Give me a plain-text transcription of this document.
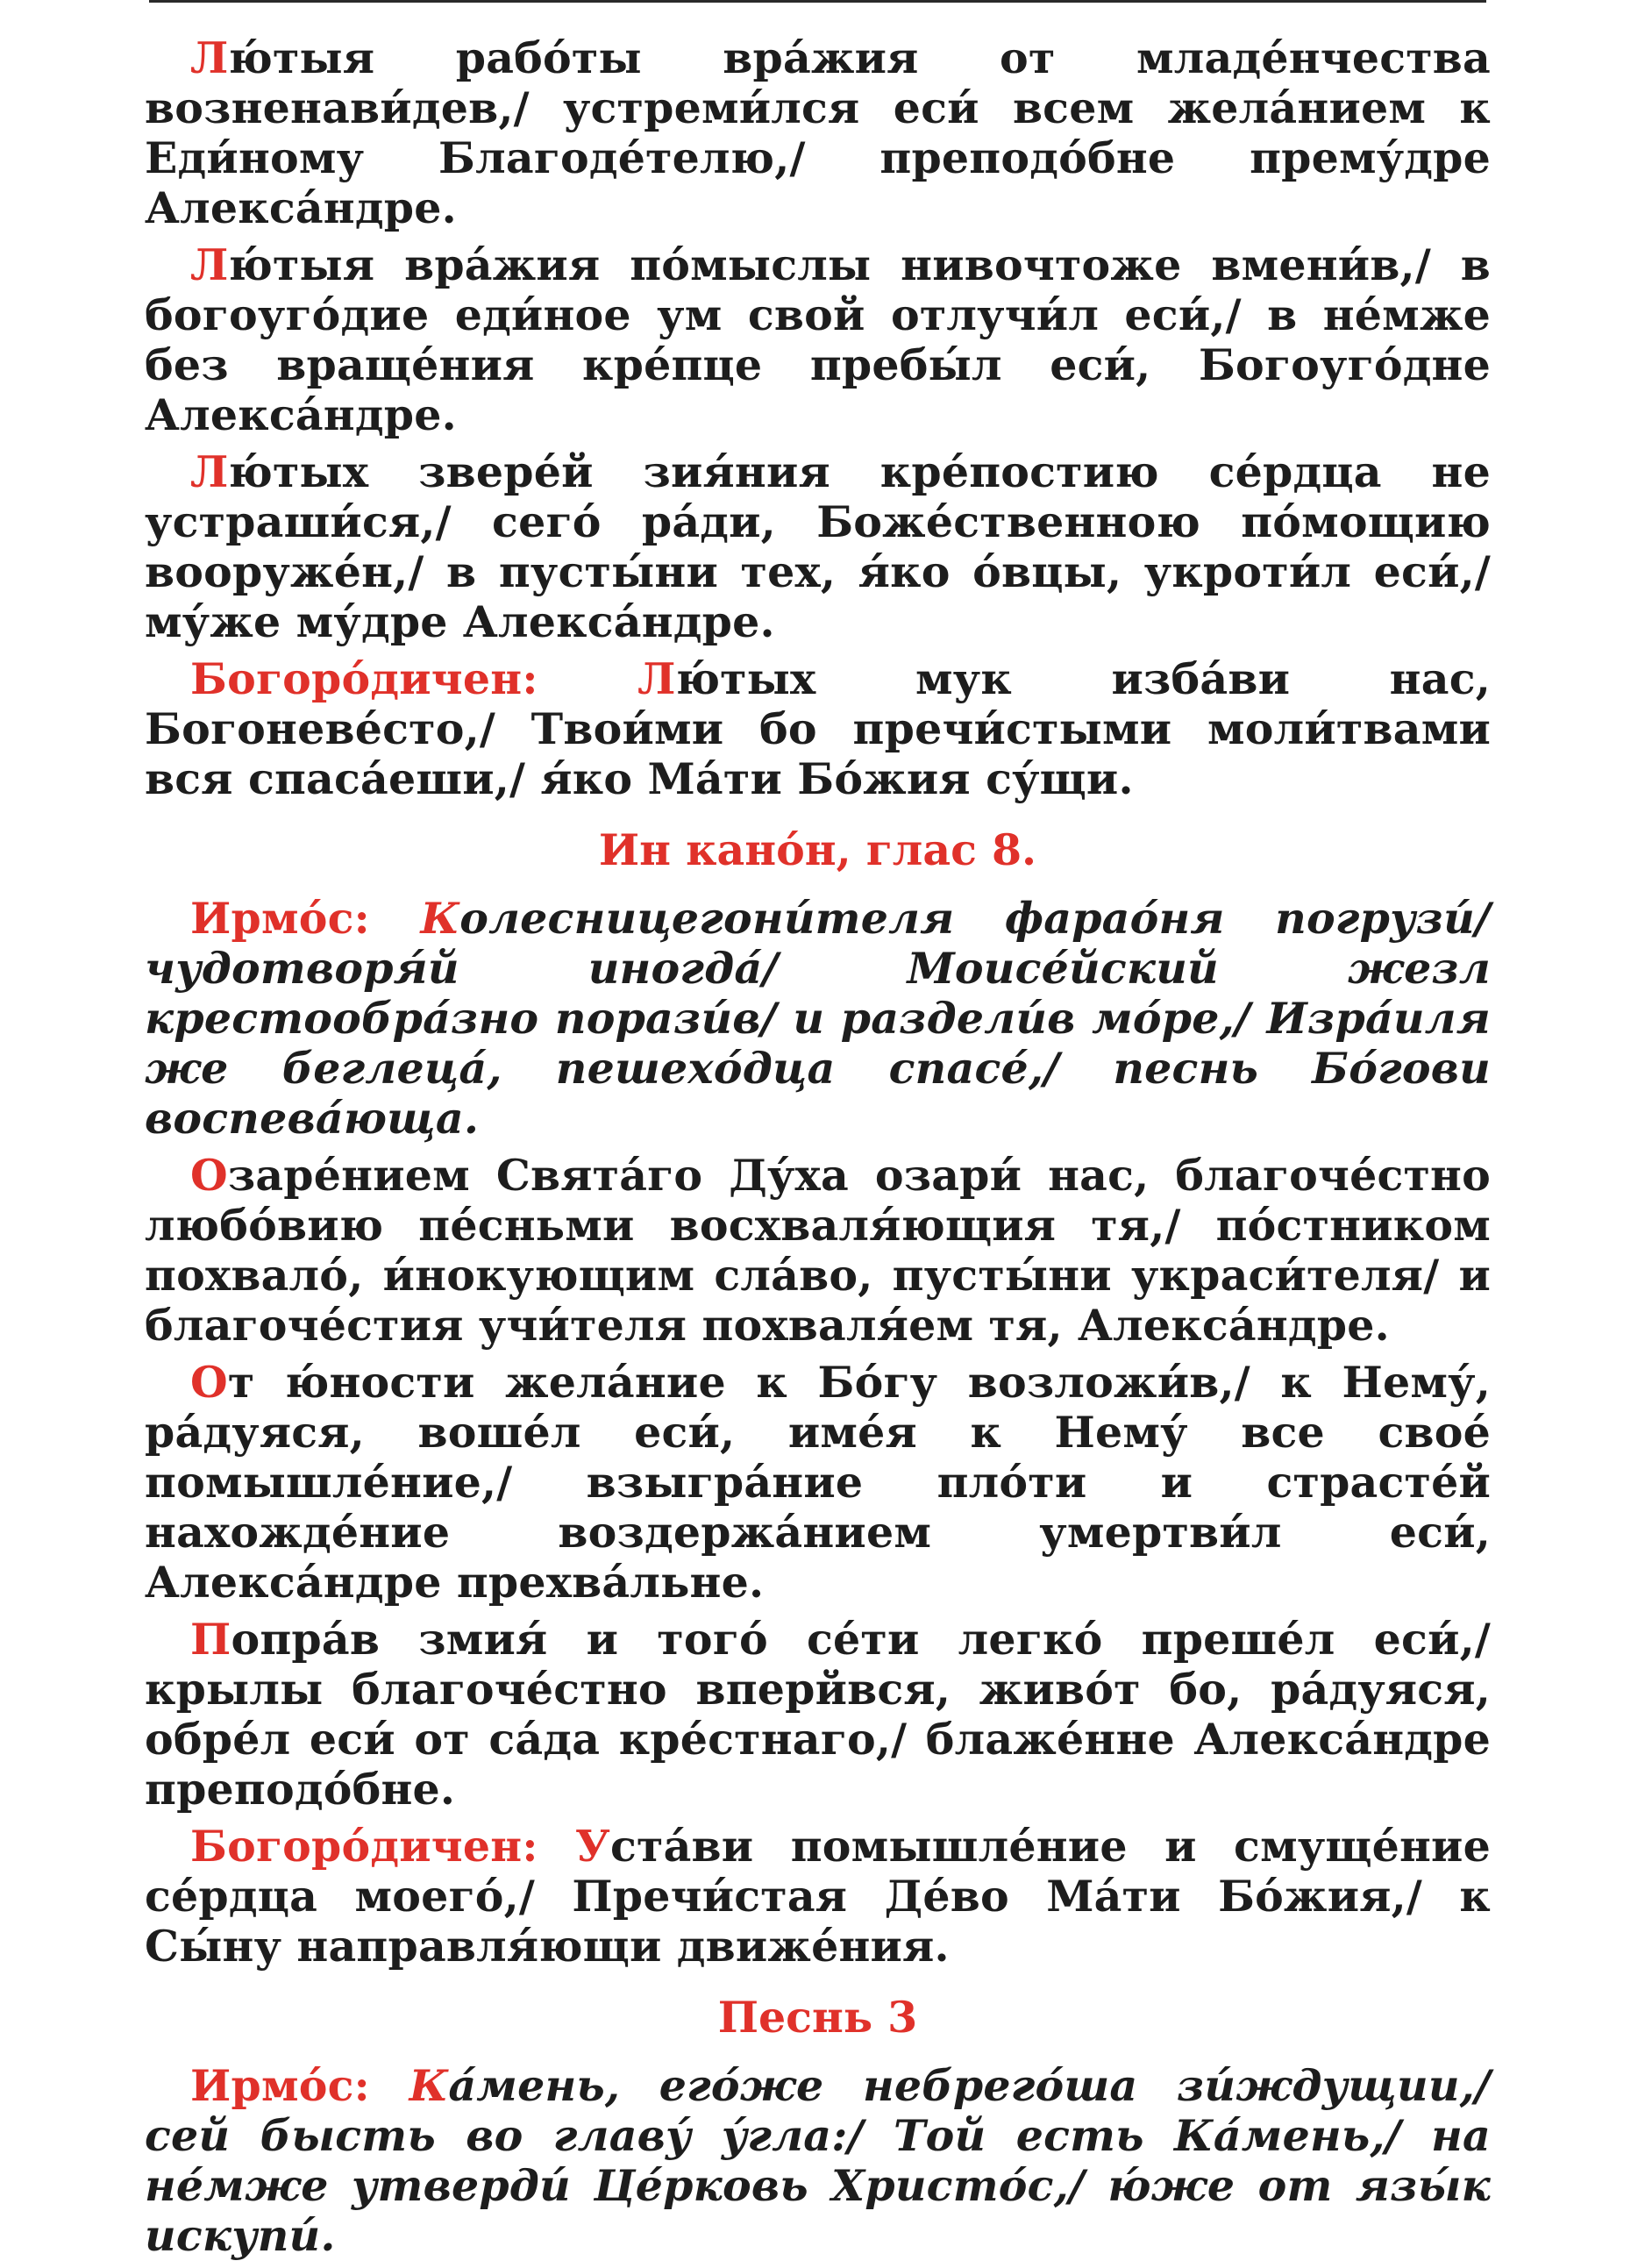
Лю́тыя рабо́ты вра́жия от младе́нчества возненави́дев,/ устреми́лся еси́ всем жела́нием к Еди́ному Благоде́телю,/ преподо́бне прему́дре Алекса́ндре.

Лю́тыя вра́жия по́мыслы нивочтоже вмени́в,/ в богоуго́дие еди́ное ум свой отлучи́л еси́,/ в не́мже без враще́ния кре́пце пребы́л еси́, Богоуго́дне Алекса́ндре.

Лю́тых звере́й зия́ния кре́постию се́рдца не устраши́ся,/ сего́ ра́ди, Боже́ственною по́мощию вооруже́н,/ в пусты́ни тех, я́ко о́вцы, укроти́л еси́,/ му́же му́дре Алекса́ндре.

Богоро́дичен: Лю́тых мук изба́ви нас, Богоневе́сто,/ Твои́ми бо пречи́стыми моли́твами вся спаса́еши,/ я́ко Ма́ти Бо́жия су́щи.

Ин кано́н, глас 8.

Ирмо́с: Колесницегони́теля фарао́ня погрузи́/ чудотворя́й иногда́/ Моисе́йский жезл крестообра́зно порази́в/ и раздели́в мо́ре,/ Изра́иля же беглеца́, пешехо́дца спасе́,/ песнь Бо́гови воспева́юща.

Озаре́нием Свята́го Ду́ха озари́ нас, благоче́стно любо́вию пе́сньми восхваля́ющия тя,/ по́стником похвало́, и́нокующим сла́во, пусты́ни украси́теля/ и благоче́стия учи́теля похваля́ем тя, Алекса́ндре.

От ю́ности жела́ние к Бо́гу возложи́в,/ к Нему́, ра́дуяся, воше́л еси́, име́я к Нему́ все свое́ помышле́ние,/ взыгра́ние пло́ти и страсте́й нахожде́ние воздержа́нием умертви́л еси́, Алекса́ндре прехва́льне.

Попра́в змия́ и того́ се́ти легко́ преше́л еси́,/ крылы благоче́стно вперйвся, живо́т бо, ра́дуяся, обре́л еси́ от са́да кре́стнаго,/ блаже́нне Алекса́ндре преподо́бне.

Богоро́дичен: Уста́ви помышле́ние и смуще́ние се́рдца моего́,/ Пречи́стая Де́во Ма́ти Бо́жия,/ к Сы́ну направля́ющи движе́ния.

Песнь 3

Ирмо́с: Ка́мень, его́же небрего́ша зи́ждущии,/ сей бысть во главу́ у́гла:/ Той есть Ка́мень,/ на не́мже утверди́ Це́рковь Христо́с,/ ю́же от язы́к искупи́.
